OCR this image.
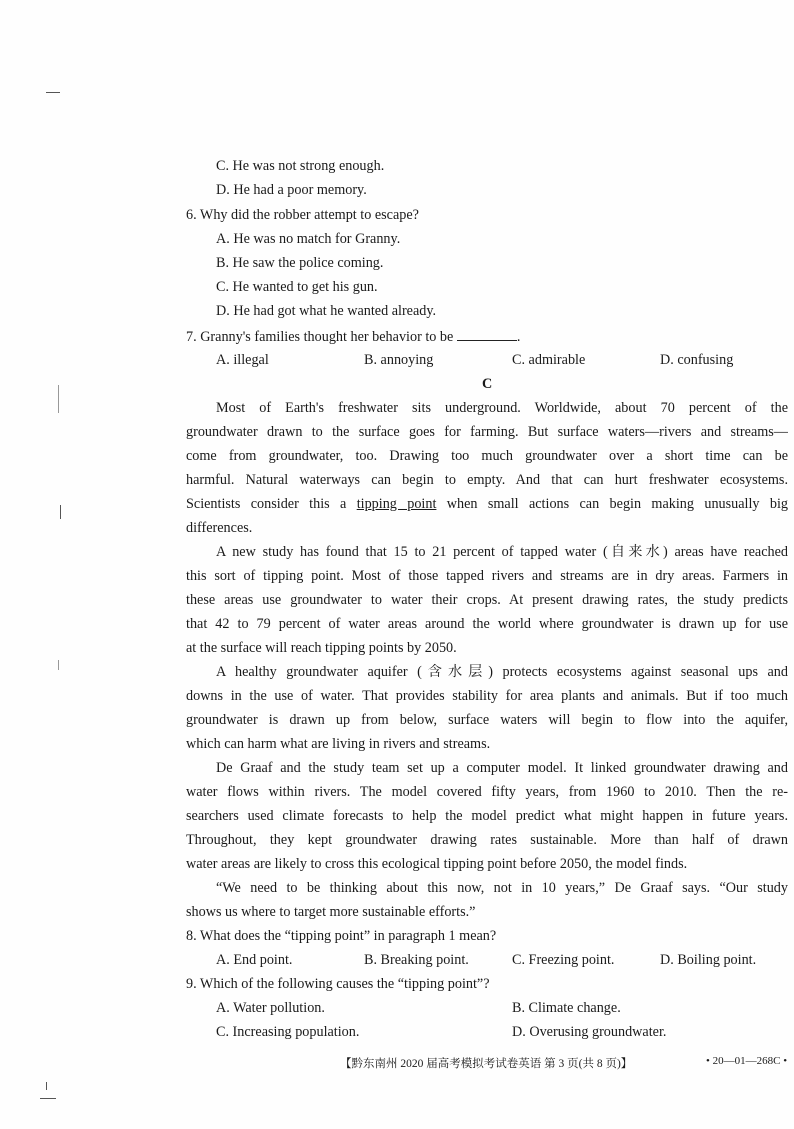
C. He was not strong enough.
D. He had a poor memory.
6. Why did the robber attempt to escape?
A. He was no match for Granny.
B. He saw the police coming.
C. He wanted to get his gun.
D. He had got what he wanted already.
7. Granny's families thought her behavior to be	.
A. illegal	B. annoying	C. admirable	D. confusing
C
Most of Earth's freshwater sits underground. Worldwide, about 70 percent of the
groundwater drawn to the surface goes for farming. But surface waters—rivers and streams—
come from groundwater, too. Drawing too much groundwater over a short time can be
harmful. Natural waterways can begin to empty. And that can hurt freshwater ecosystems.
Scientists consider this a tipping point when small actions can begin making unusually big
differences.
A new study has found that 15 to 21 percent of tapped water (自来水) areas have reached
this sort of tipping point. Most of those tapped rivers and streams are in dry areas. Farmers in
these areas use groundwater to water their crops. At present drawing rates, the study predicts
that 42 to 79 percent of water areas around the world where groundwater is drawn up for use
at the surface will reach tipping points by 2050.
A healthy groundwater aquifer (含水层) protects ecosystems against seasonal ups and
downs in the use of water. That provides stability for area plants and animals. But if too much
groundwater is drawn up from below, surface waters will begin to flow into the aquifer,
which can harm what are living in rivers and streams.
De Graaf and the study team set up a computer model. It linked groundwater drawing and
water flows within rivers. The model covered fifty years, from 1960 to 2010. Then the re-
searchers used climate forecasts to help the model predict what might happen in future years.
Throughout, they kept groundwater drawing rates sustainable. More than half of drawn
water areas are likely to cross this ecological tipping point before 2050, the model finds.
“We need to be thinking about this now, not in 10 years,” De Graaf says. “Our study
shows us where to target more sustainable efforts.”
8. What does the “tipping point” in paragraph 1 mean?
A. End point.	B. Breaking point.	C. Freezing point.	D. Boiling point.
9. Which of the following causes the “tipping point”?
A. Water pollution.	B. Climate change.
C. Increasing population.	D. Overusing groundwater.
【黔东南州 2020 届高考模拟考试卷英语 第 3 页(共 8 页)】	• 20—01—268C •
